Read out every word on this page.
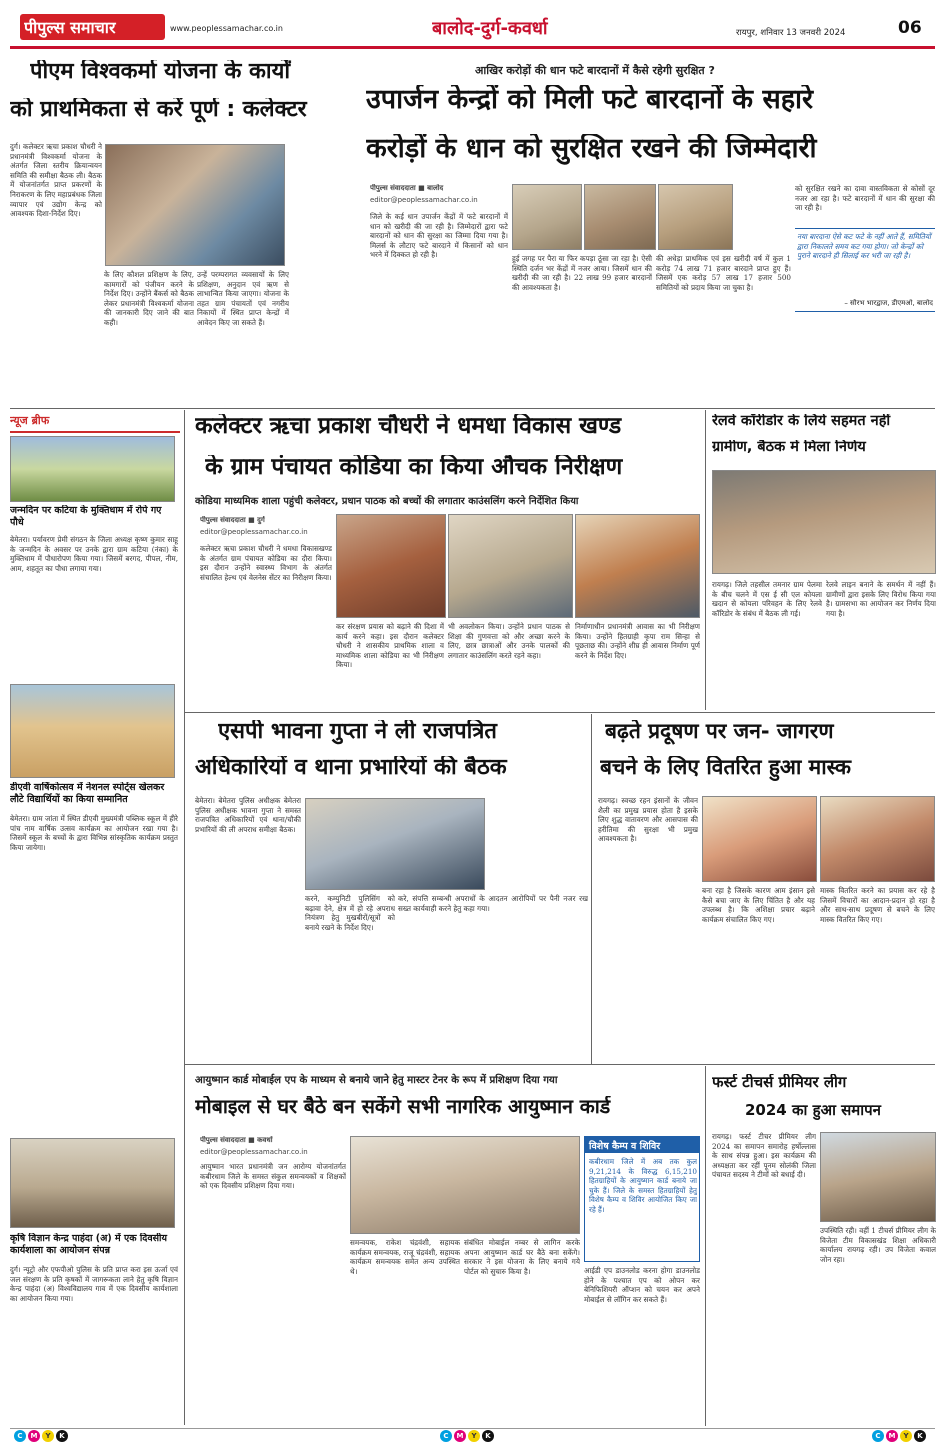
पीपुल्स समाचार	www.peoplessamachar.co.in	बालोद-दुर्ग-कवर्धा	रायपुर, शनिवार 13 जनवरी 2024	06
पीएम विश्वकर्मा योजना के कार्यों
को प्राथमिकता से करें पूर्ण : कलेक्टर
दुर्ग। कलेक्टर ऋचा प्रकाश चौधरी ने प्रधानमंत्री विश्वकर्मा योजना के अंतर्गत जिला स्तरीय क्रियान्वयन समिति की समीक्षा बैठक ली। बैठक में योजनांतर्गत प्राप्त प्रकरणों के निराकरण के लिए महाप्रबंधक जिला व्यापार एवं उद्योग केन्द्र को आवश्यक दिशा-निर्देश दिए।
के लिए कौशल प्रशिक्षण के लिए, कामगारों को पंजीयन करने के निर्देश दिए। उन्होंने बैंकर्स को बैठक लेकर प्रधानमंत्री विश्वकर्मा योजना की जानकारी दिए जाने की बात कही।
उन्हें परम्परागत व्यवसायों के लिए प्रशिक्षण, अनुदान एवं ऋण से लाभान्वित किया जाएगा। योजना के तहत ग्राम पंचायतों एवं नगरीय निकायों में स्थित प्राप्त केन्द्रों में आवेदन किए जा सकते हैं।
आखिर करोड़ों की धान फटे बारदानों में कैसे रहेगी सुरक्षित ?
उपार्जन केन्द्रों को मिली फटे बारदानों के सहारे
करोड़ों के धान को सुरक्षित रखने की जिम्मेदारी
पीपुल्स संवाददाता ■ बालोद
editor@peoplessamachar.co.in
जिले के कई धान उपार्जन केंद्रों में फटे बारदानों में धान को खरीदी की जा रही है। जिम्मेदारों द्वारा फटे बारदानों को धान की सुरक्षा का जिम्मा दिया गया है। मिलर्स के लौटाए फटे बारदाने में किसानों को धान भरने में दिक्कत हो रही है।	हुई जगह पर पैरा या फिर कपड़ा ठूंसा जा रहा है। ऐसी स्थिति दर्जन भर केंद्रों में नजर आया। जिसमें धान की खरीदी की जा रही है। 22 लाख 99 हजार बारदानों की आवश्यकता है।
की अधेड़ा प्राथमिक एवं इस खरीदी वर्ष में कुल 1 करोड़ 74 लाख 71 हजार बारदाने प्राप्त हुए हैं। जिसमें एक करोड़ 57 लाख 17 हजार 500 समितियों को प्रदाय किया जा चुका है।
को सुरक्षित रखने का दावा वास्तविकता से कोसों दूर नजर आ रहा है। फटे बारदानों में धान की सुरक्षा की जा रही है।
नया बारदाना ऐसे कट फटे के नहीं आते हैं, समितियों द्वारा निकालते समय कट गया होगा। जो केन्द्रों को पुराने बारदाने ही सिलाई कर भरी जा रही है।
– सौरभ भारद्वाज, डीएमओ, बालोद
न्यूज ब्रीफ
जन्मदिन पर कटिया के मुक्तिधाम में रोपे गए पौधे
बेमेतरा। पर्यावरण प्रेमी संगठन के जिला अध्यक्ष कृष्ण कुमार साहू के जन्मदिन के अवसर पर उनके द्वारा ग्राम कटिया (नंका) के मुक्तिधाम में पौधारोपण किया गया। जिसमें बरगद, पीपल, नीम, आम, शहतूत का पौधा लगाया गया।
डीएवी वार्षिकोत्सव में नेशनल स्पोर्ट्स खेलकर लौटे विद्यार्थियों का किया सम्मानित
बेमेतरा। ग्राम जांता में स्थित डीएवी मुख्यमंत्री पब्लिक स्कूल में हीरे पांच नाम वार्षिक उत्सव कार्यक्रम का आयोजन रखा गया है। जिसमें स्कूल के बच्चों के द्वारा विभिन्न सांस्कृतिक कार्यक्रम प्रस्तुत किया जायेगा।
कृषि विज्ञान केन्द्र पाहंदा (अ) में एक दिवसीय कार्यशाला का आयोजन संपन्न
दुर्ग। न्यूट्रो और एफपीओ पुलिस के प्रति प्राप्त करा इस ऊर्जा एवं जल संरक्षण के प्रति कृषकों में जागरूकता लाने हेतु कृषि विज्ञान केन्द्र पाहंदा (अ) विश्वविद्यालय गाव में एक दिवसीय कार्यशाला का आयोजन किया गया।
कलेक्टर ऋचा प्रकाश चौधरी ने धमधा विकास खण्ड
के ग्राम पंचायत कोडिया का किया औचक निरीक्षण
कोडिया माध्यमिक शाला पहुंची कलेक्टर, प्रधान पाठक को बच्चों की लगातार काउंसलिंग करने निर्देशित किया
पीपुल्स संवाददाता ■ दुर्ग
editor@peoplessamachar.co.in
कलेक्टर ऋचा प्रकाश चौधरी ने धमधा विकासखण्ड के अंतर्गत ग्राम पंचायत कोडिया का दौरा किया। इस दौरान उन्होंने स्वास्थ्य विभाग के अंतर्गत संचालित हेल्थ एवं वेलनेस सेंटर का निरीक्षण किया।
कर संरक्षण प्रयास को बढ़ाने की दिशा में कार्य करने कहा। इस दौरान कलेक्टर चौधरी ने शासकीय प्राथमिक शाला व माध्यमिक शाला कोडिया का भी निरीक्षण किया।
भी अवलोकन किया। उन्होंने प्रधान पाठक से शिक्षा की गुणवत्ता को और अच्छा करने के लिए, छात्र छात्राओं और उनके पालकों की लगातार काउंसलिंग करते रहने कहा।
निर्माणाधीन प्रधानमंत्री आवास का भी निरीक्षण किया। उन्होंने हितग्राही कृपा राम सिन्हा से पूछताछ की। उन्होंने शीघ्र ही आवास निर्माण पूर्ण करने के निर्देश दिए।
रेलवे कॉरीडोर के लिये सहमत नहीं
ग्रामीण, बैठक में मिला निर्णय
रायगढ़। जिले तहसील तमनार ग्राम पेलमा के बीच चलने में एस ई सी एल कोयला खदान से कोयला परिवहन के लिए रेलवे कॉरिडोर के संबंध में बैठक ली गई।
रेलवे लाइन बनाने के समर्थन में नहीं हैं। ग्रामीणों द्वारा इसके लिए विरोध किया गया है। ग्रामसभा का आयोजन कर निर्णय दिया गया है।
एसपी भावना गुप्ता ने ली राजपत्रित
अधिकारियों व थाना प्रभारियों की बैठक
बेमेतरा। बेमेतरा पुलिस अधीक्षक बेमेतरा पुलिस अधीक्षक भावना गुप्ता ने समस्त राजपत्रित अधिकारियों एवं थाना/चौकी प्रभारियों की ली अपराध समीक्षा बैठक।
करने, कम्युनिटी पुलिसिंग को बढ़ावा देने, क्षेत्र में हो रहे अपराध नियंत्रण हेतु मुखबीरों/सूत्रों को बनाये रखने के निर्देश दिए।
करे, संपत्ति सम्बन्धी अपराधों के आदतन आरोपियों पर पैनी नजर रख सख्त कार्यवाही करने हेतु कहा गया।
बढ़ते प्रदूषण पर जन- जागरण
बचने के लिए वितरित हुआ मास्क
रायगढ़। स्वच्छ रहन इंसानों के जीवन शैली का प्रमुख प्रयास होता है इसके लिए शुद्ध वातावरण और आसपास की हरीतिमा की सुरक्षा भी प्रमुख आवश्यकता है।
बना रहा है जिसके कारण आम इंसान इसे कैसे बचा जाए के लिए चिंतित है और यह उपलब्ध है। कि अशिक्षा प्रचार बढ़ाने कार्यक्रम संचालित किए गए।
मास्क वितरित करने का प्रयास कर रहे है जिसमें विचारों का आदान-प्रदान हो रहा है और साथ-साथ प्रदूषण से बचने के लिए मास्क वितरित किए गए।
आयुष्मान कार्ड मोबाईल एप के माध्यम से बनाये जाने हेतु मास्टर टेनर के रूप में प्रशिक्षण दिया गया
मोबाइल से घर बैठे बन सकेंगे सभी नागरिक आयुष्मान कार्ड
पीपुल्स संवाददाता ■ कवर्धा
editor@peoplessamachar.co.in
आयुष्मान भारत प्रधानमंत्री जन आरोग्य योजनांतर्गत कबीरधाम जिले के समस्त संकुल समन्वयकों व शिक्षकों को एक दिवसीय प्रशिक्षण दिया गया।
समन्वयक, राकेश चंद्रवंशी, सहायक कार्यक्रम समन्वयक, राजू चंद्रवंशी, सहायक कार्यक्रम समन्वयक समेत अन्य उपस्थित थे।
संबंधित मोबाईल नम्बर से लागिन करके अपना आयुष्मान कार्ड घर बैठे बना सकेंगे। सरकार ने इस योजना के लिए बनाये गये पोर्टल को सुचारु किया है।
विशेष कैम्प व शिविर
कबीरधाम जिले में अब तक कुल 9,21,214 के विरुद्ध 6,15,210 हितग्राहियों के आयुष्मान कार्ड बनाये जा चुके हैं। जिले के समस्त हितग्राहियों हेतु विशेष कैम्प व शिविर आयोजित किए जा रहे हैं।
आईडी एप डाउनलोड करना होगा डाउनलोड होने के पश्चात एप को ओपन कर बेनिफिशियरी ऑप्शन को चयन कर अपने मोबाईल से लॉगिन कर सकते हैं।
फर्स्ट टीचर्स प्रीमियर लीग
2024 का हुआ समापन
रायगढ़। फर्स्ट टीचर प्रीमियर लीग 2024 का समापन समारोह हर्षोल्लास के साथ संपन्न हुआ। इस कार्यक्रम की अध्यक्षता कर रहीं पूनम सोलंकी जिला पंचायत सदस्य ने टीमों को बधाई दी।
उपस्थिति रही। वहीं 1 टीचर्स प्रीमियर लीग के विजेता टीम विकासखंड शिक्षा अधिकारी कार्यालय रायगढ़ रही। उप विजेता कवाल जोन रहा।
C	M	Y	K	C	M	Y	K	C	M	Y	K
